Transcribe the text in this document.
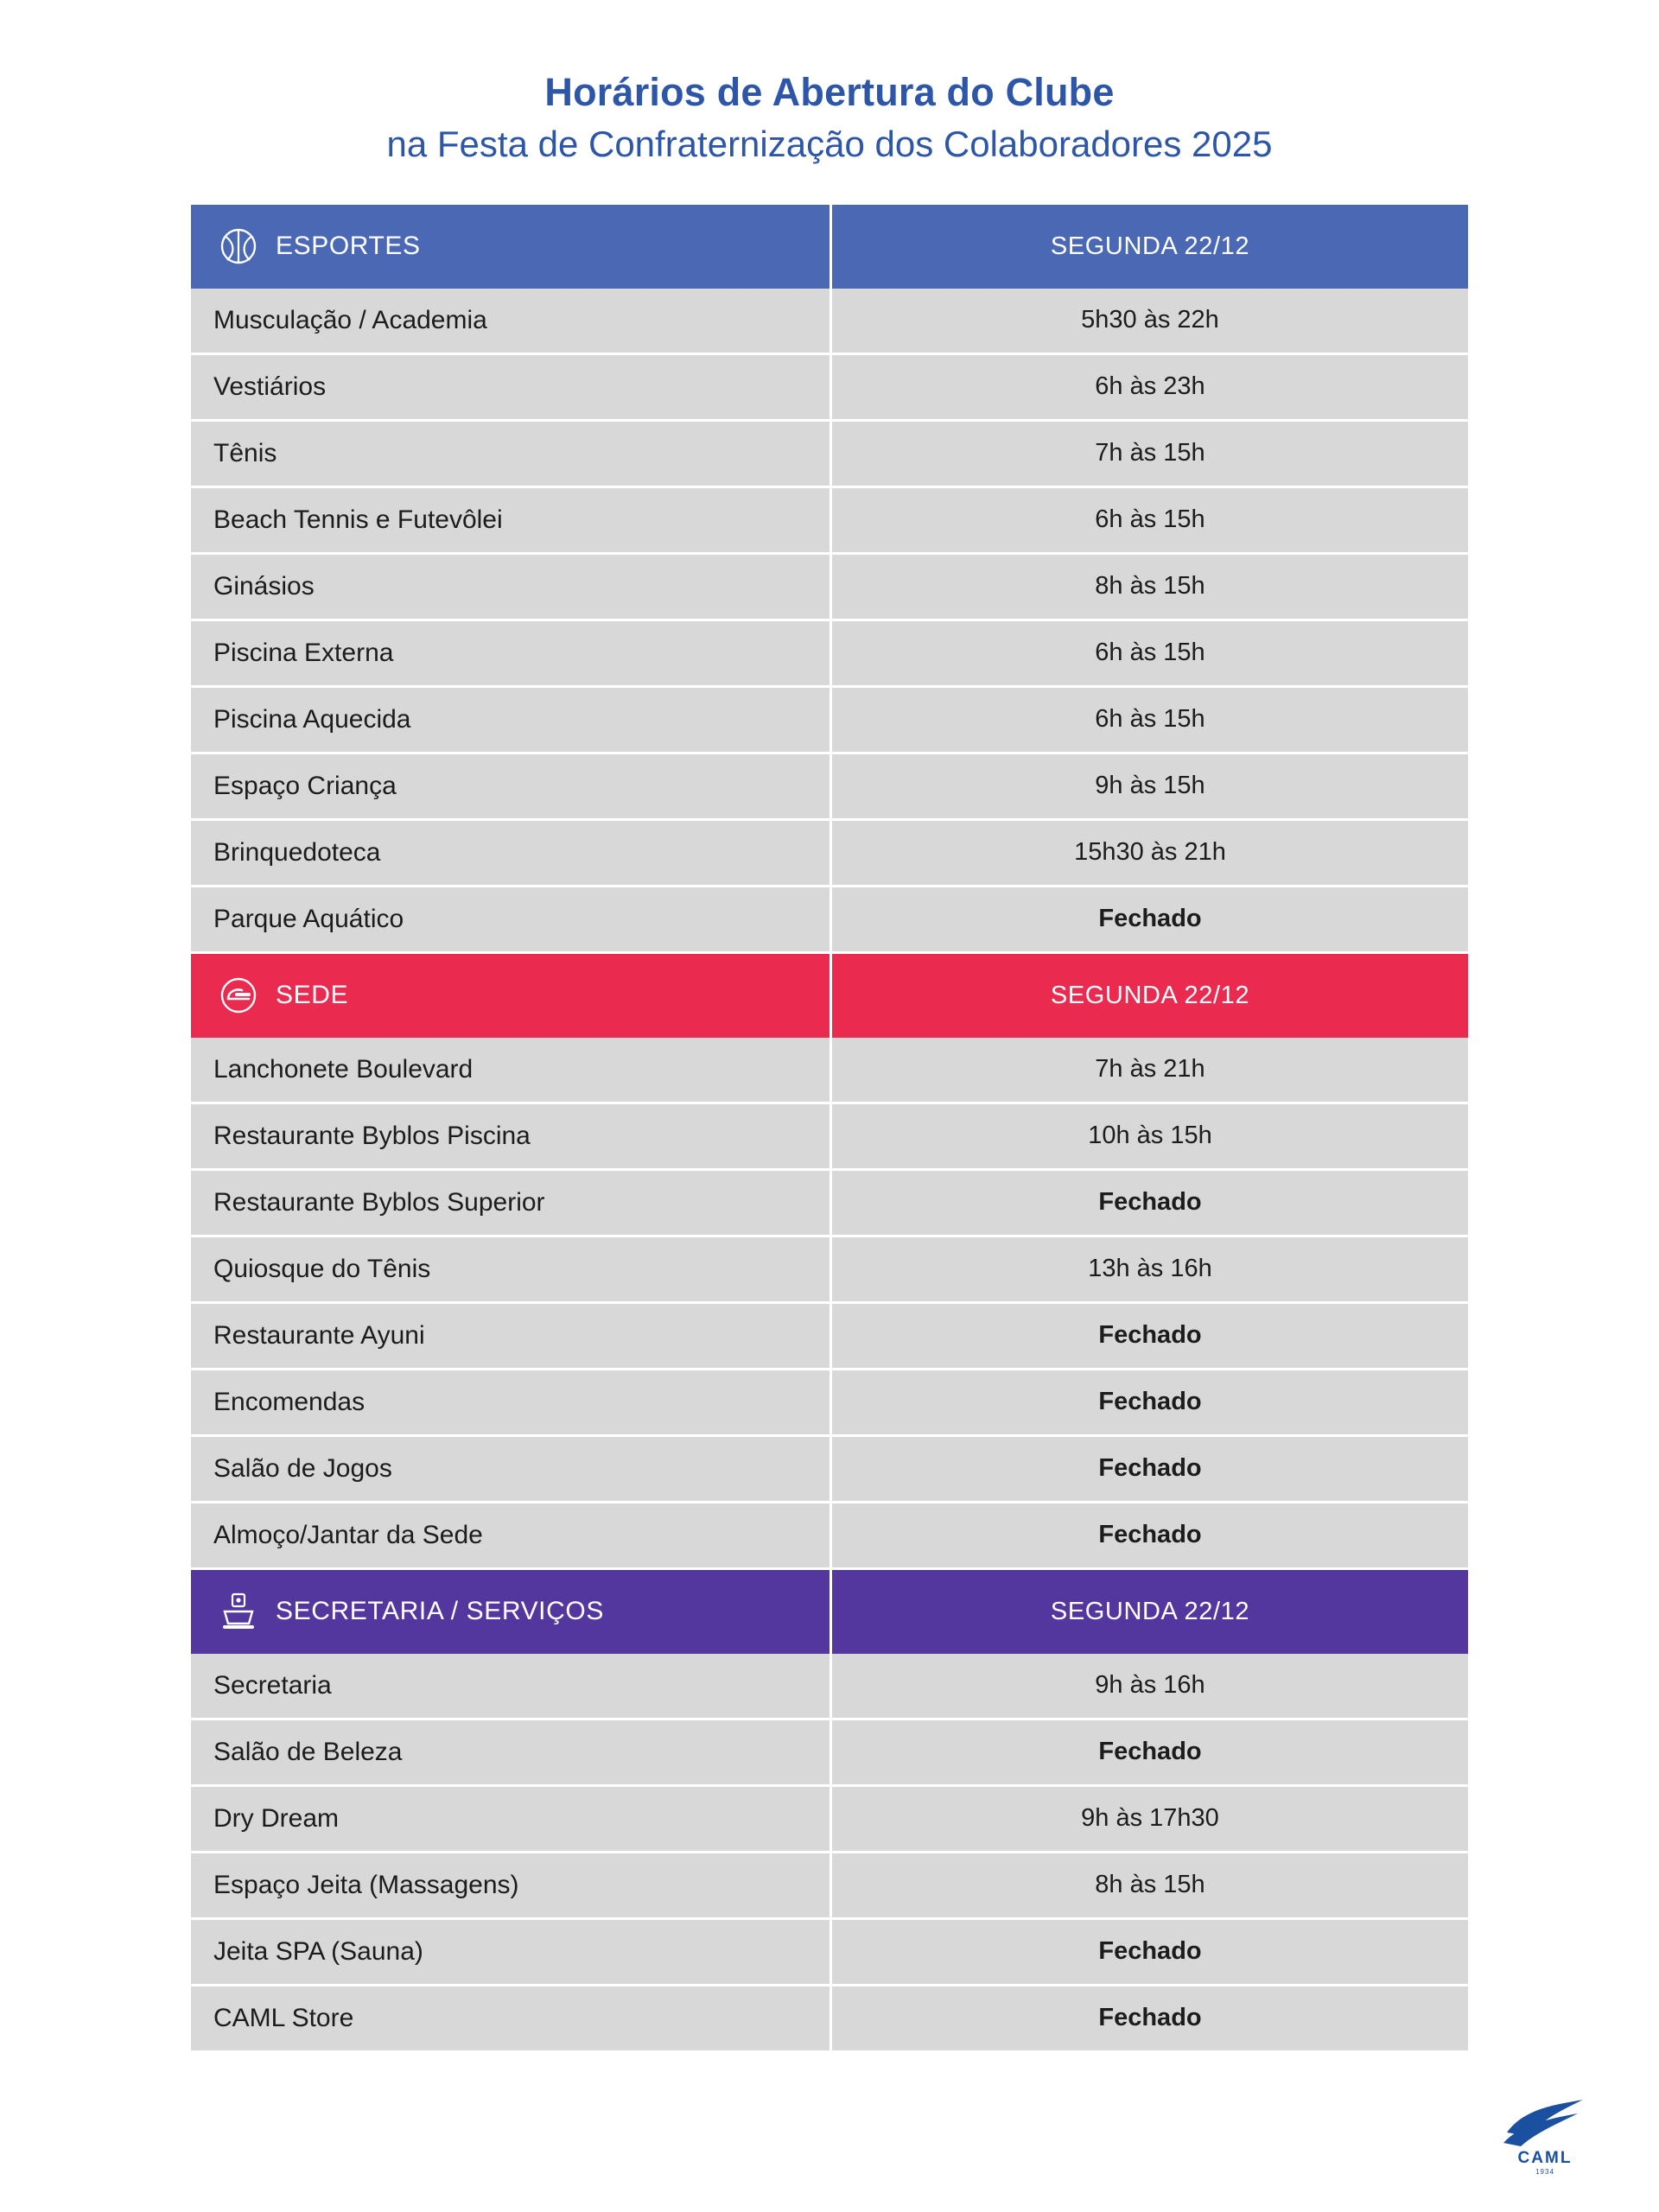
Horários de Abertura do Clube
na Festa de Confraternização dos Colaboradores 2025
ESPORTES	SEGUNDA 22/12
Musculação / Academia	5h30 às 22h
Vestiários	6h às 23h
Tênis	7h às 15h
Beach Tennis e Futevôlei	6h às 15h
Ginásios	8h às 15h
Piscina Externa	6h às 15h
Piscina Aquecida	6h às 15h
Espaço Criança	9h às 15h
Brinquedoteca	15h30 às 21h
Parque Aquático	Fechado
SEDE	SEGUNDA 22/12
Lanchonete Boulevard	7h às 21h
Restaurante Byblos Piscina	10h às 15h
Restaurante Byblos Superior	Fechado
Quiosque do Tênis	13h às 16h
Restaurante Ayuni	Fechado
Encomendas	Fechado
Salão de Jogos	Fechado
Almoço/Jantar da Sede	Fechado
SECRETARIA / SERVIÇOS	SEGUNDA 22/12
Secretaria	9h às 16h
Salão de Beleza	Fechado
Dry Dream	9h às 17h30
Espaço Jeita (Massagens)	8h às 15h
Jeita SPA (Sauna)	Fechado
CAML Store	Fechado
CAML
1934
